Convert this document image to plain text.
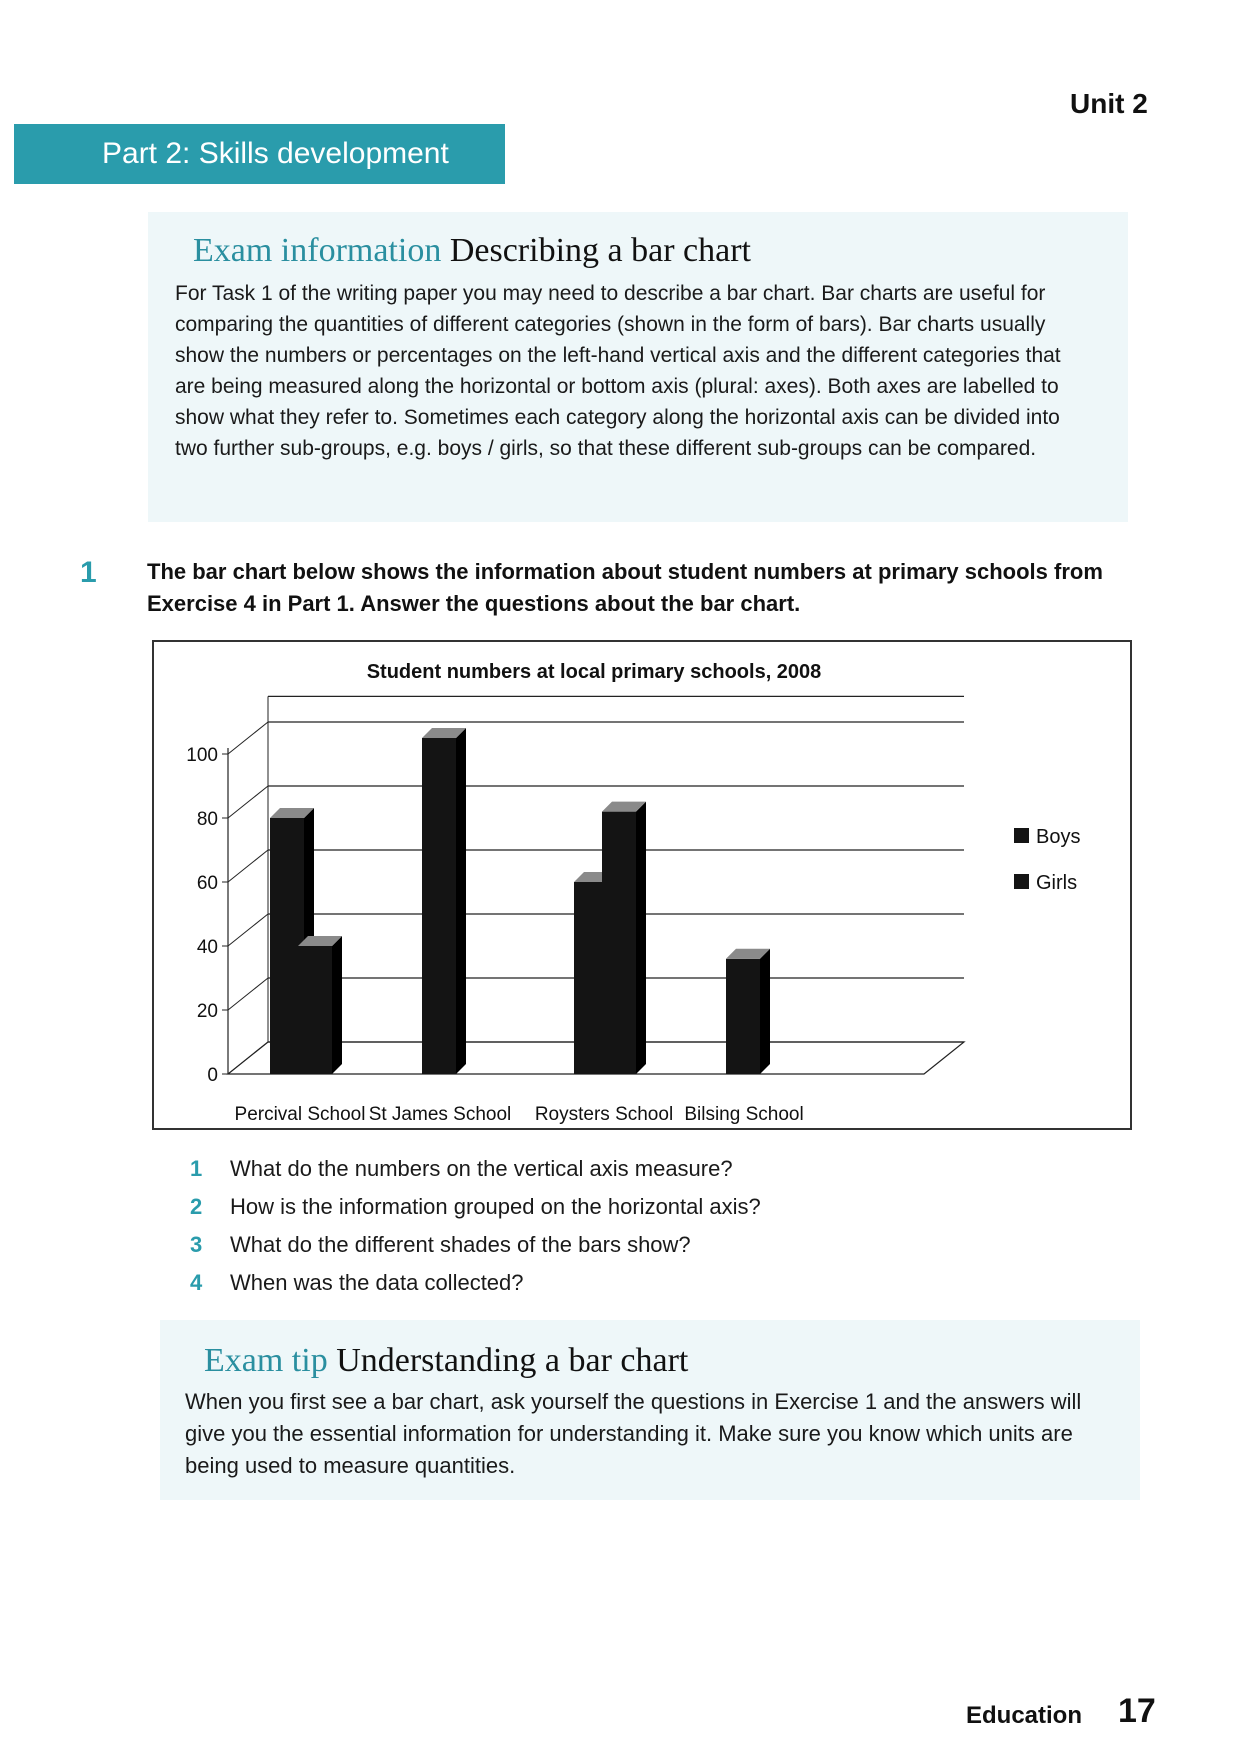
Unit 2
Part 2: Skills development
Exam information Describing a bar chart
For Task 1 of the writing paper you may need to describe a bar chart. Bar charts are useful for comparing the quantities of different categories (shown in the form of bars). Bar charts usually show the numbers or percentages on the left-hand vertical axis and the different categories that are being measured along the horizontal or bottom axis (plural: axes). Both axes are labelled to show what they refer to. Sometimes each category along the horizontal axis can be divided into two further sub-groups, e.g. boys / girls, so that these different sub-groups can be compared.
1 The bar chart below shows the information about student numbers at primary schools from Exercise 4 in Part 1. Answer the questions about the bar chart.
Student numbers at local primary schools, 2008
0
20
40
60
80
100
Percival School St James School Roysters School Bilsing School
Boys
Girls
1	What do the numbers on the vertical axis measure?
2	How is the information grouped on the horizontal axis?
3	What do the different shades of the bars show?
4	When was the data collected?
Exam tip Understanding a bar chart
When you first see a bar chart, ask yourself the questions in Exercise 1 and the answers will give you the essential information for understanding it. Make sure you know which units are being used to measure quantities.
Education 17
